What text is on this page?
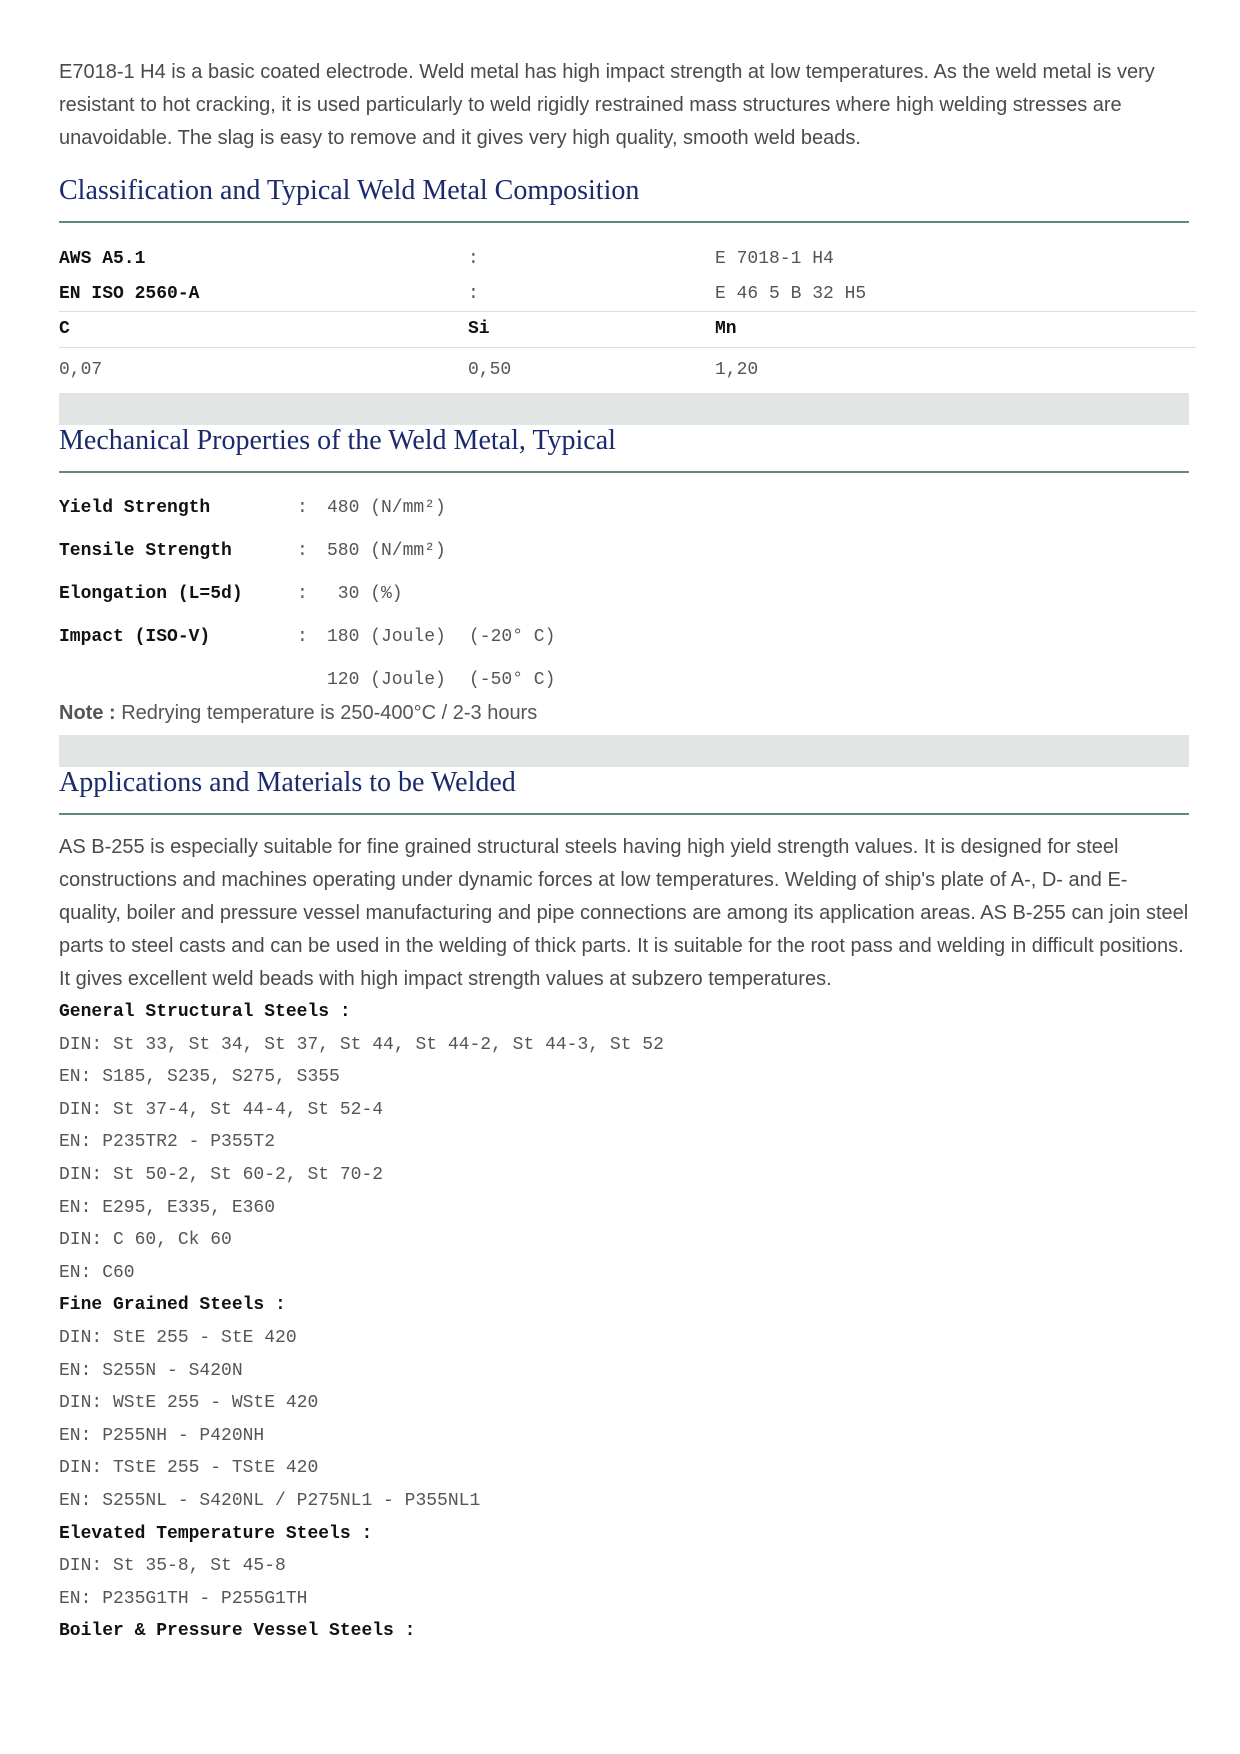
E7018-1 H4 is a basic coated electrode. Weld metal has high impact strength at low temperatures. As the weld metal is very resistant to hot cracking, it is used particularly to weld rigidly restrained mass structures where high welding stresses are unavoidable. The slag is easy to remove and it gives very high quality, smooth weld beads.

Classification and Typical Weld Metal Composition
AWS A5.1	:	E 7018-1 H4
EN ISO 2560-A	:	E 46 5 B 32 H5
C	Si	Mn
0,07	0,50	1,20
Mechanical Properties of the Weld Metal, Typical
Yield Strength	:	480 (N/mm²)
Tensile Strength	:	580 (N/mm²)
Elongation (L=5d)	:	30 (%)
Impact (ISO-V)	:	180 (Joule)	(-20° C)
120 (Joule)	(-50° C)
Note : Redrying temperature is 250-400°C / 2-3 hours
Applications and Materials to be Welded

AS B-255 is especially suitable for fine grained structural steels having high yield strength values. It is designed for steel constructions and machines operating under dynamic forces at low temperatures. Welding of ship's plate of A-, D- and E-quality, boiler and pressure vessel manufacturing and pipe connections are among its application areas. AS B-255 can join steel parts to steel casts and can be used in the welding of thick parts. It is suitable for the root pass and welding in difficult positions. It gives excellent weld beads with high impact strength values at subzero temperatures.

General Structural Steels :
DIN: St 33, St 34, St 37, St 44, St 44-2, St 44-3, St 52
EN: S185, S235, S275, S355
DIN: St 37-4, St 44-4, St 52-4
EN: P235TR2 - P355T2
DIN: St 50-2, St 60-2, St 70-2
EN: E295, E335, E360
DIN: C 60, Ck 60
EN: C60
Fine Grained Steels :
DIN: StE 255 - StE 420
EN: S255N - S420N
DIN: WStE 255 - WStE 420
EN: P255NH - P420NH
DIN: TStE 255 - TStE 420
EN: S255NL - S420NL / P275NL1 - P355NL1
Elevated Temperature Steels :
DIN: St 35-8, St 45-8
EN: P235G1TH - P255G1TH
Boiler & Pressure Vessel Steels :
